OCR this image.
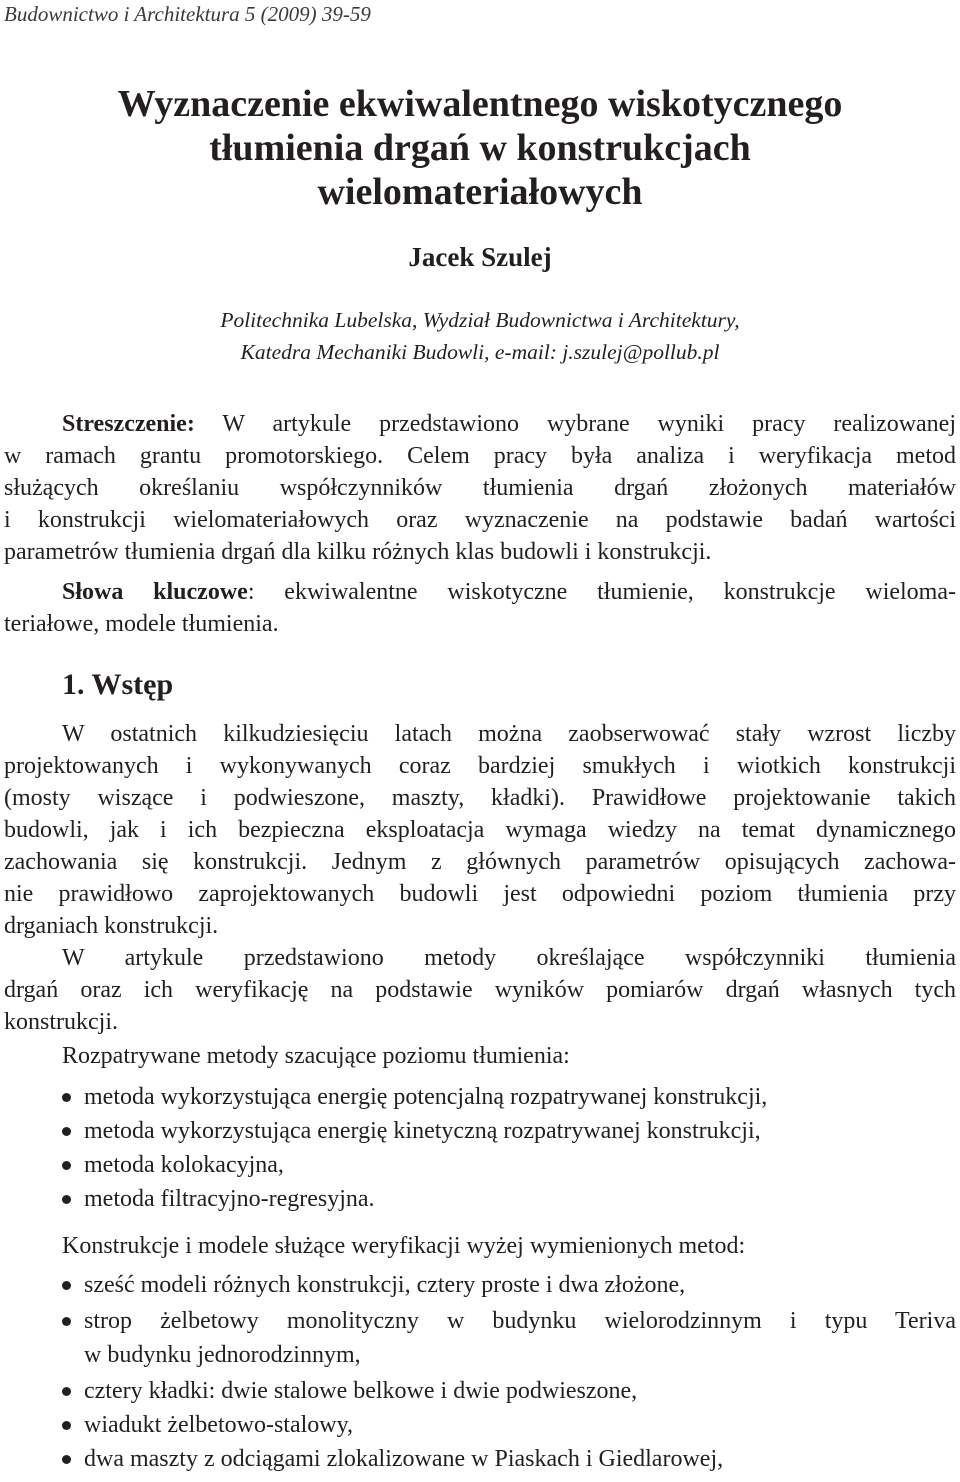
Budownictwo i Architektura 5 (2009) 39-59
Wyznaczenie ekwiwalentnego wiskotycznego
tłumienia drgań w konstrukcjach
wielomateriałowych
Jacek Szulej
Politechnika Lubelska, Wydział Budownictwa i Architektury,
Katedra Mechaniki Budowli, e-mail: j.szulej@pollub.pl
Streszczenie: W artykule przedstawiono wybrane wyniki pracy realizowanej
w ramach grantu promotorskiego. Celem pracy była analiza i weryfikacja metod
służących określaniu współczynników tłumienia drgań złożonych materiałów
i konstrukcji wielomateriałowych oraz wyznaczenie na podstawie badań wartości
parametrów tłumienia drgań dla kilku różnych klas budowli i konstrukcji.
Słowa kluczowe: ekwiwalentne wiskotyczne tłumienie, konstrukcje wieloma-
teriałowe, modele tłumienia.
1. Wstęp
W ostatnich kilkudziesięciu latach można zaobserwować stały wzrost liczby
projektowanych i wykonywanych coraz bardziej smukłych i wiotkich konstrukcji
(mosty wiszące i podwieszone, maszty, kładki). Prawidłowe projektowanie takich
budowli, jak i ich bezpieczna eksploatacja wymaga wiedzy na temat dynamicznego
zachowania się konstrukcji. Jednym z głównych parametrów opisujących zachowa-
nie prawidłowo zaprojektowanych budowli jest odpowiedni poziom tłumienia przy
drganiach konstrukcji.
W artykule przedstawiono metody określające współczynniki tłumienia
drgań oraz ich weryfikację na podstawie wyników pomiarów drgań własnych tych
konstrukcji.
Rozpatrywane metody szacujące poziomu tłumienia:
metoda wykorzystująca energię potencjalną rozpatrywanej konstrukcji,
metoda wykorzystująca energię kinetyczną rozpatrywanej konstrukcji,
metoda kolokacyjna,
metoda filtracyjno-regresyjna.
Konstrukcje i modele służące weryfikacji wyżej wymienionych metod:
sześć modeli różnych konstrukcji, cztery proste i dwa złożone,
strop żelbetowy monolityczny w budynku wielorodzinnym i typu Teriva
w budynku jednorodzinnym,
cztery kładki: dwie stalowe belkowe i dwie podwieszone,
wiadukt żelbetowo-stalowy,
dwa maszty z odciągami zlokalizowane w Piaskach i Giedlarowej,
